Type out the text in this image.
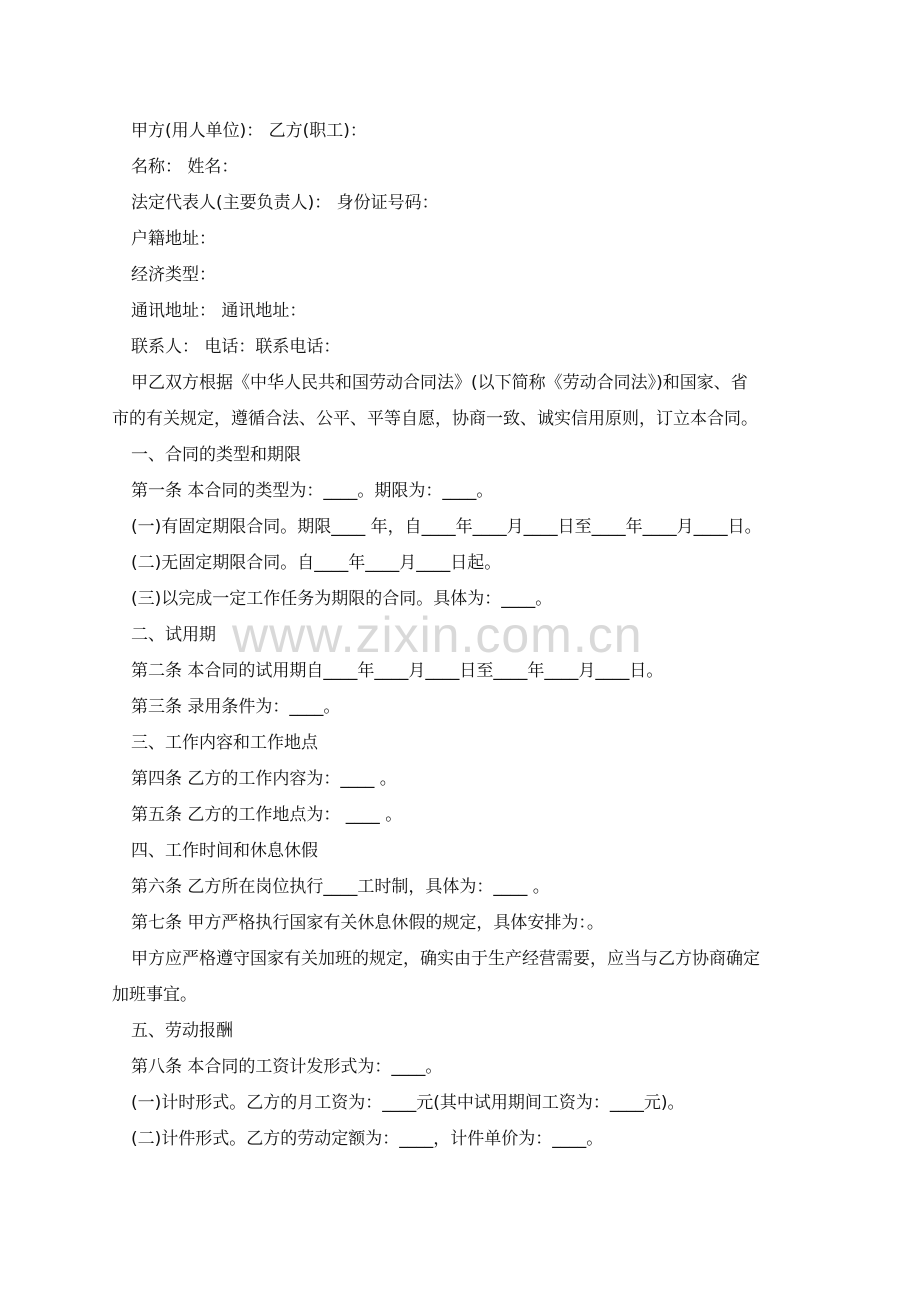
www.zixin.com.cn
甲方(用人单位)： 乙方(职工)：
名称： 姓名：
法定代表人(主要负责人)： 身份证号码：
户籍地址：
经济类型：
通讯地址： 通讯地址：
联系人： 电话：联系电话：
甲乙双方根据《中华人民共和国劳动合同法》(以下简称《劳动合同法》)和国家、省
市的有关规定，遵循合法、公平、平等自愿，协商一致、诚实信用原则，订立本合同。
一、合同的类型和期限
第一条 本合同的类型为：____。期限为：____。
(一)有固定期限合同。期限____ 年，自____年____月____日至____年____月____日。
(二)无固定期限合同。自____年____月____日起。
(三)以完成一定工作任务为期限的合同。具体为：____。
二、试用期
第二条 本合同的试用期自____年____月____日至____年____月____日。
第三条 录用条件为：____。
三、工作内容和工作地点
第四条 乙方的工作内容为：____ 。
第五条 乙方的工作地点为： ____ 。
四、工作时间和休息休假
第六条 乙方所在岗位执行____工时制，具体为：____ 。
第七条 甲方严格执行国家有关休息休假的规定，具体安排为：。
甲方应严格遵守国家有关加班的规定，确实由于生产经营需要，应当与乙方协商确定
加班事宜。
五、劳动报酬
第八条 本合同的工资计发形式为：____。
(一)计时形式。乙方的月工资为：____元(其中试用期间工资为：____元)。
(二)计件形式。乙方的劳动定额为：____，计件单价为：____。
